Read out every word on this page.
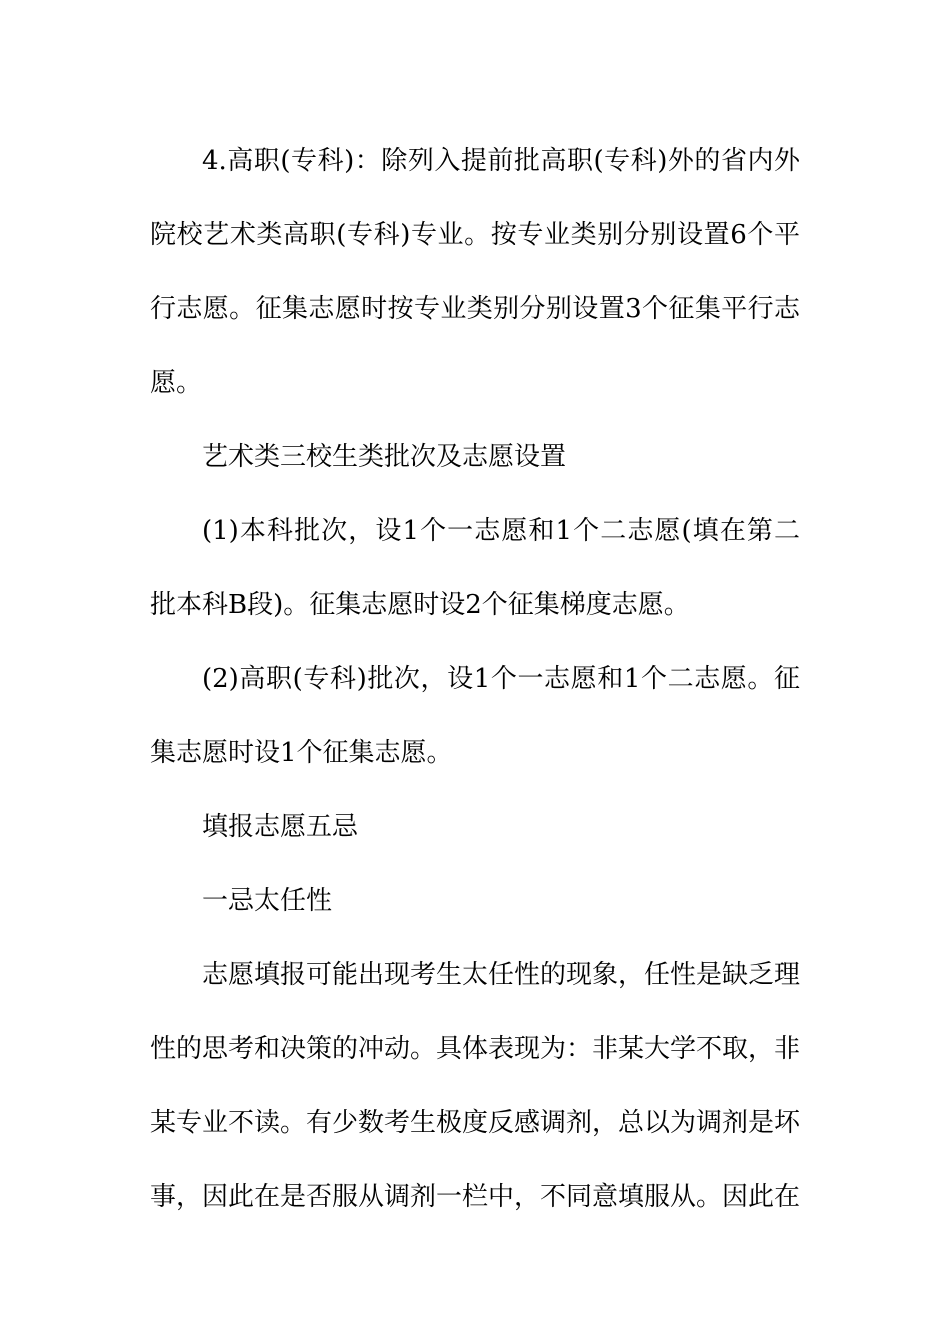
4.高职(专科)：除列入提前批高职(专科)外的省内外院校艺术类高职(专科)专业。按专业类别分别设置6个平行志愿。征集志愿时按专业类别分别设置3个征集平行志愿。

艺术类三校生类批次及志愿设置

(1)本科批次，设1个一志愿和1个二志愿(填在第二批本科B段)。征集志愿时设2个征集梯度志愿。

(2)高职(专科)批次，设1个一志愿和1个二志愿。征集志愿时设1个征集志愿。

填报志愿五忌

一忌太任性

志愿填报可能出现考生太任性的现象，任性是缺乏理性的思考和决策的冲动。具体表现为：非某大学不取，非某专业不读。有少数考生极度反感调剂，总以为调剂是坏事，因此在是否服从调剂一栏中，不同意填服从。因此在
